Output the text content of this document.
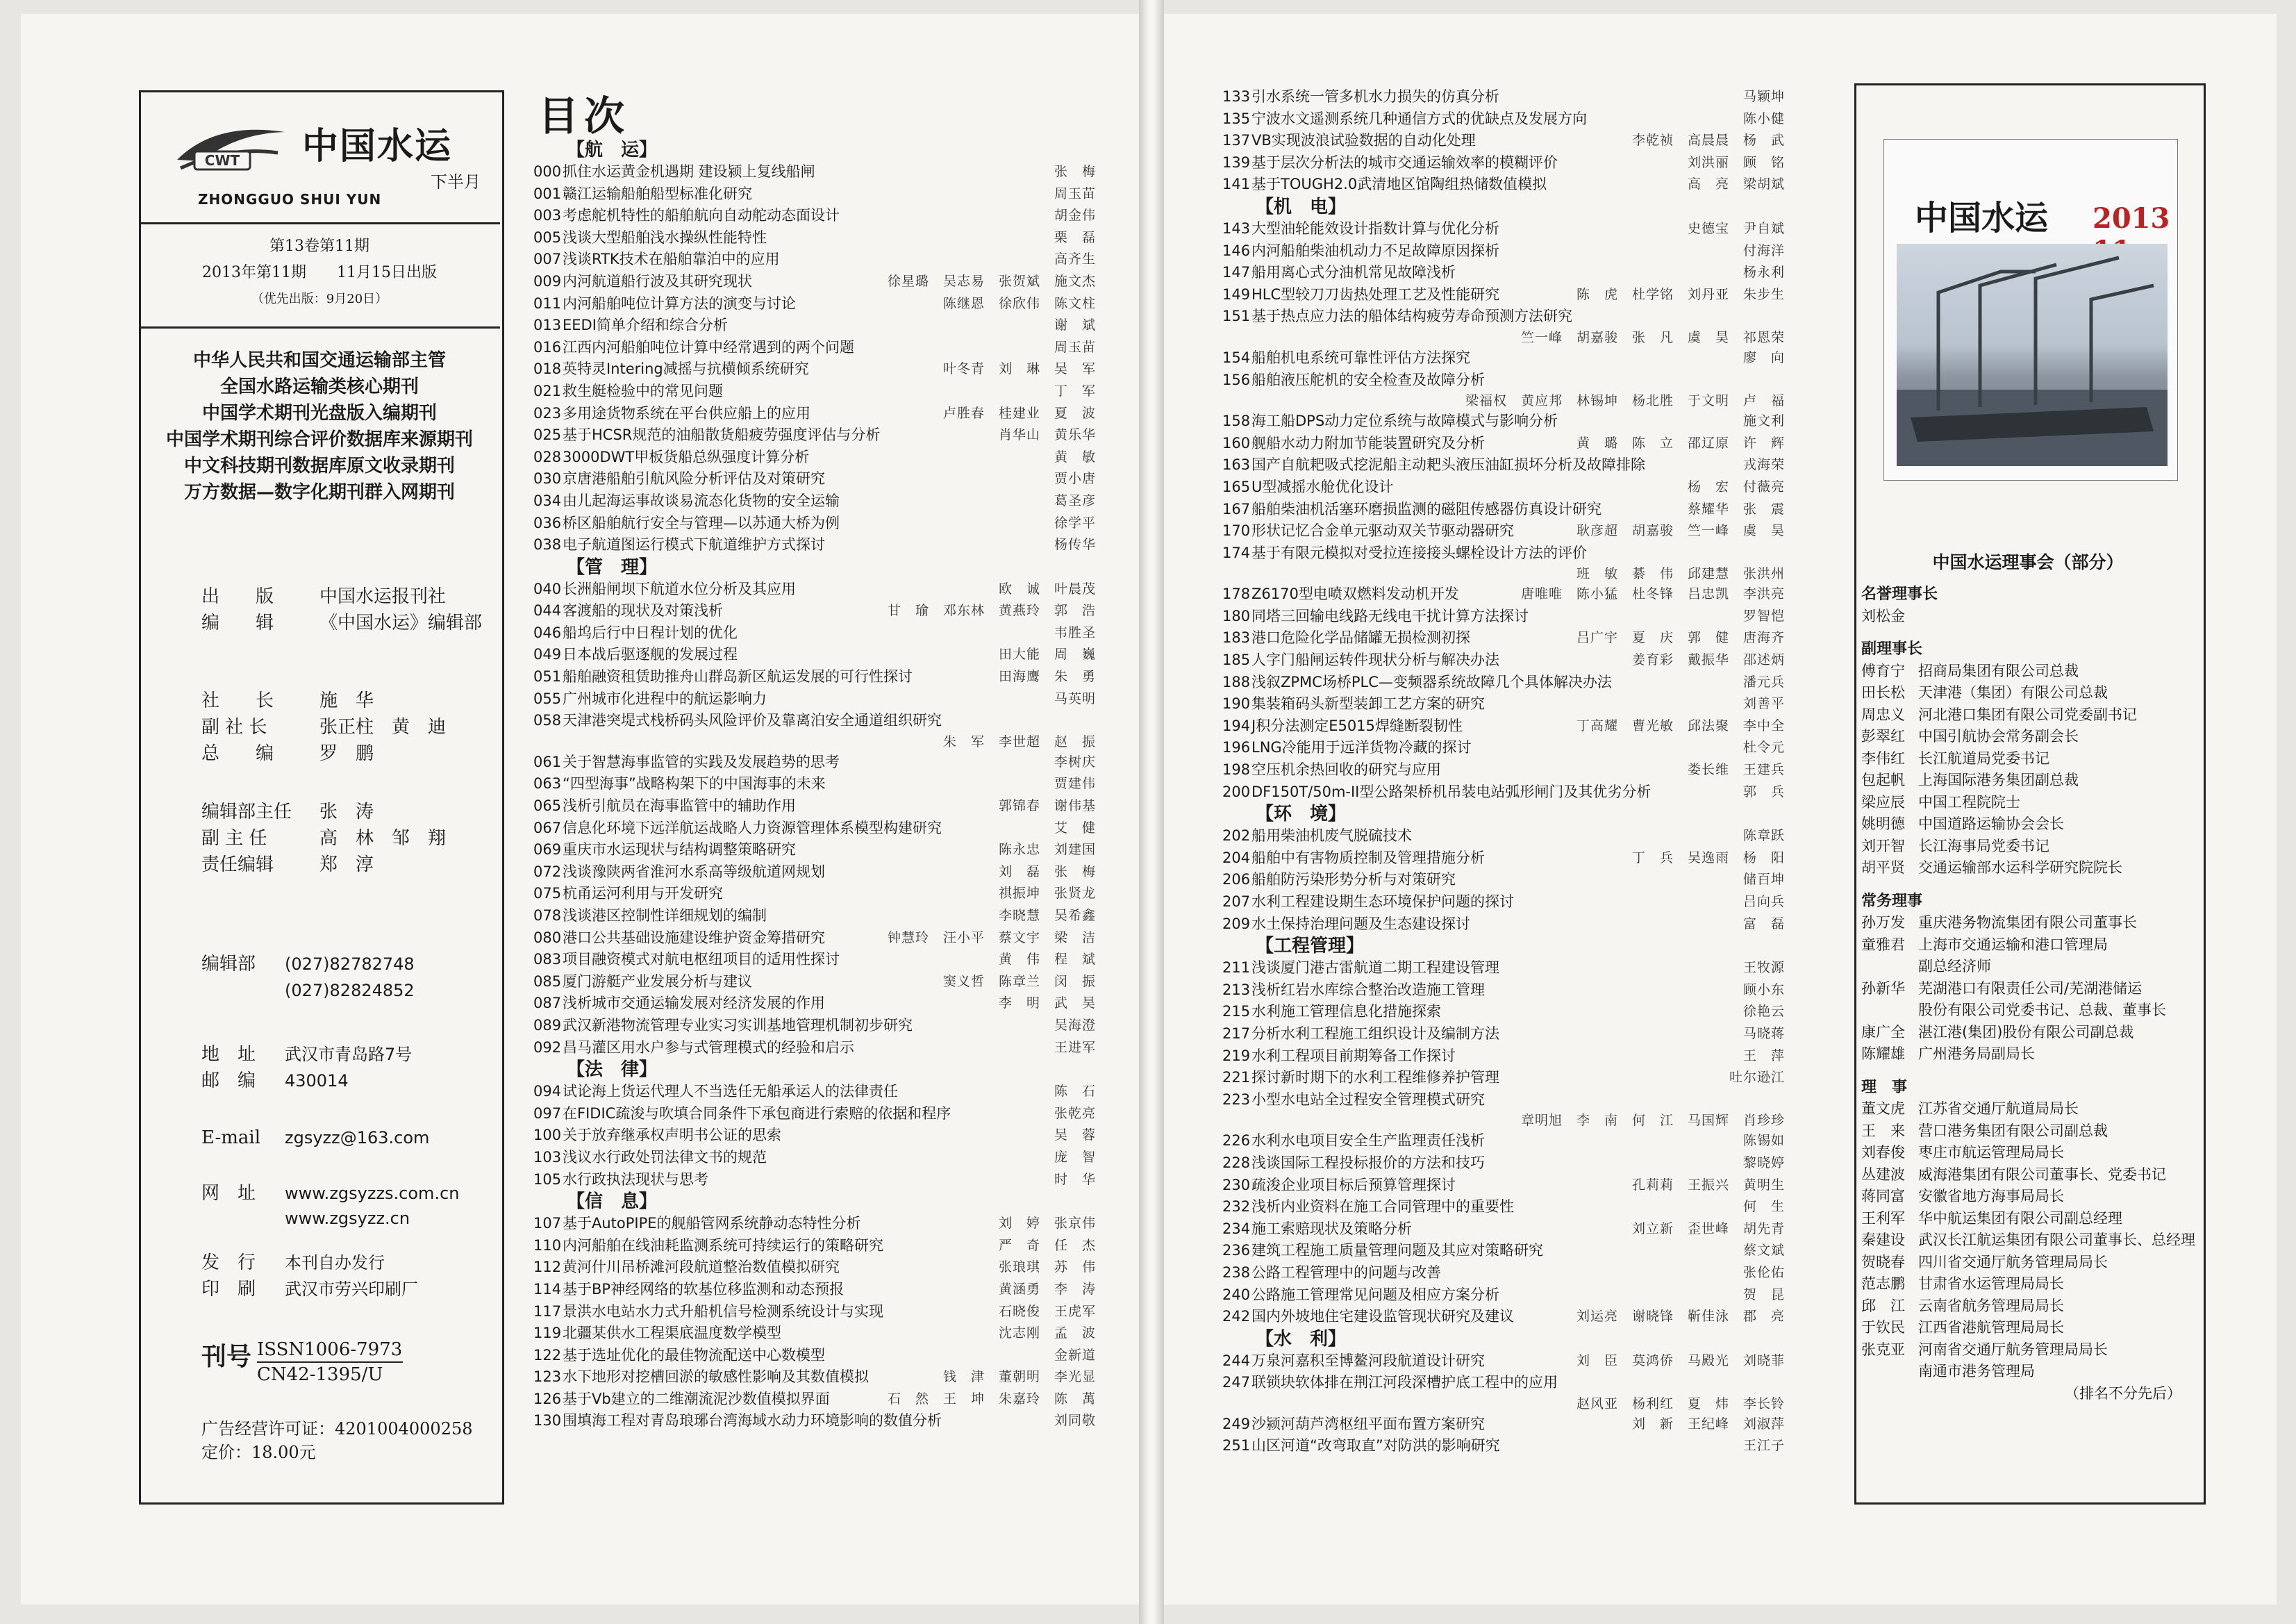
CWT 中国水运
下半月
ZHONGGUO SHUI YUN
第13卷第11期
2013年第11期　　11月15日出版
（优先出版：9月20日）
中华人民共和国交通运输部主管
全国水路运输类核心期刊
中国学术期刊光盘版入编期刊
中国学术期刊综合评价数据库来源期刊
中文科技期刊数据库原文收录期刊
万方数据—数字化期刊群入网期刊
出　　版	中国水运报刊社
编　　辑	《中国水运》编辑部
社　　长	施　华
副 社 长	张正柱　黄　迪
总　　编	罗　鹏
编辑部主任 张　涛
副 主 任	高　林　邹　翔
责任编辑	郑　淳
编辑部 (027)82782748
(027)82824852
地　址 武汉市青岛路7号
邮　编 430014
E-mail zgsyzz@163.com
网　址 www.zgsyzzs.com.cn
www.zgsyzz.cn
发　行 本刊自办发行
印　刷 武汉市劳兴印刷厂
刊号 ISSN1006-7973
CN42-1395/U
广告经营许可证：4201004000258
定价：18.00元
目次
【 航　运 】
000抓住水运黄金机遇期 建设颍上复线船闸	张　梅
001赣江运输船舶船型标准化研究	周玉苗
003考虑舵机特性的船舶航向自动舵动态面设计	胡金伟
005浅谈大型船舶浅水操纵性能特性	栗　磊
007浅谈RTK技术在船舶靠泊中的应用	高齐生
009内河航道船行波及其研究现状	徐星璐　吴志易　张贺斌　施文杰
011内河船舶吨位计算方法的演变与讨论	陈继恩　徐欣伟　陈文柱
013EEDI简单介绍和综合分析	谢　斌
016江西内河船舶吨位计算中经常遇到的两个问题	周玉苗
018英特灵Intering减摇与抗横倾系统研究	叶冬青　刘　琳　吴　军
021救生艇检验中的常见问题	丁　军
023多用途货物系统在平台供应船上的应用	卢胜春　桂建业　夏　波
025基于HCSR规范的油船散货船疲劳强度评估与分析	肖华山　黄乐华
0283000DWT甲板货船总纵强度计算分析	黄　敏
030京唐港船舶引航风险分析评估及对策研究	贾小唐
034由儿起海运事故谈易流态化货物的安全运输	葛圣彦
036桥区船舶航行安全与管理—以苏通大桥为例	徐学平
038电子航道图运行模式下航道维护方式探讨	杨传华
【 管　理 】
040长洲船闸坝下航道水位分析及其应用	欧　诚　叶晨茂
044客渡船的现状及对策浅析	甘　瑜　邓东林　黄燕玲　郭　浩
046船坞后行中日程计划的优化	韦胜圣
049日本战后驱逐舰的发展过程	田大能　周　巍
051船舶融资租赁助推舟山群岛新区航运发展的可行性探讨	田海鹰　朱　勇
055广州城市化进程中的航运影响力	马英明
058天津港突堤式栈桥码头风险评价及靠离泊安全通道组织研究
朱　军　李世超　赵　振
061关于智慧海事监管的实践及发展趋势的思考	李树庆
063“四型海事”战略构架下的中国海事的未来	贾建伟
065浅析引航员在海事监管中的辅助作用	郭锦春　谢伟基
067信息化环境下远洋航运战略人力资源管理体系模型构建研究	艾　健
069重庆市水运现状与结构调整策略研究	陈永忠　刘建国
072浅谈豫陕两省淮河水系高等级航道网规划	刘　磊　张　梅
075杭甬运河利用与开发研究	祺振坤　张贤龙
078浅谈港区控制性详细规划的编制	李晓慧　吴希鑫
080港口公共基础设施建设维护资金筹措研究	钟慧玲　汪小平　蔡文宇　梁　洁
083项目融资模式对航电枢纽项目的适用性探讨	黄　伟　程　斌
085厦门游艇产业发展分析与建议	窦义哲　陈章兰　闵　振
087浅析城市交通运输发展对经济发展的作用	李　明　武　昊
089武汉新港物流管理专业实习实训基地管理机制初步研究	吴海澄
092昌马灌区用水户参与式管理模式的经验和启示	王进军
【 法　律 】
094试论海上货运代理人不当选任无船承运人的法律责任	陈　石
097在FIDIC疏浚与吹填合同条件下承包商进行索赔的依据和程序	张乾亮
100关于放弃继承权声明书公证的思索	吴　蓉
103浅议水行政处罚法律文书的规范	庞　智
105水行政执法现状与思考	时　华
【 信　息 】
107基于AutoPIPE的舰船管网系统静动态特性分析	刘　婷　张京伟
110内河船舶在线油耗监测系统可持续运行的策略研究	严　奇　任　杰
112黄河什川吊桥滩河段航道整治数值模拟研究	张琅琪　苏　伟
114基于BP神经网络的软基位移监测和动态预报	黄涵勇　李　涛
117景洪水电站水力式升船机信号检测系统设计与实现	石晓俊　王虎军
119北疆某供水工程渠底温度数学模型	沈志刚　孟　波
122基于选址优化的最佳物流配送中心数模型	金新道
123水下地形对挖槽回淤的敏感性影响及其数值模拟	钱　津　董朝明　李光显
126基于Vb建立的二维潮流泥沙数值模拟界面	石　然　王　坤　朱嘉玲　陈　萬
130围填海工程对青岛琅琊台湾海域水动力环境影响的数值分析	刘同敬
133引水系统一管多机水力损失的仿真分析	马颖坤
135宁波水文遥测系统几种通信方式的优缺点及发展方向	陈小健
137VB实现波浪试验数据的自动化处理	李乾祯　高晨晨　杨　武
139基于层次分析法的城市交通运输效率的模糊评价	刘洪丽　顾　铭
141基于TOUGH2.0武清地区馆陶组热储数值模拟	高　亮　梁胡斌
【 机　电 】
143大型油轮能效设计指数计算与优化分析	史德宝　尹自斌
146内河船舶柴油机动力不足故障原因探析	付海洋
147船用离心式分油机常见故障浅析	杨永利
149HLC型较刀刀齿热处理工艺及性能研究	陈　虎　杜学铭　刘丹亚　朱步生
151基于热点应力法的船体结构疲劳寿命预测方法研究
竺一峰　胡嘉骏　张　凡　虞　昊　祁恩荣
154船舶机电系统可靠性评估方法探究	廖　向
156船舶液压舵机的安全检查及故障分析
梁福权　黄应邦　林锡坤　杨北胜　于文明　卢　福
158海工船DPS动力定位系统与故障模式与影响分析	施文利
160舰船水动力附加节能装置研究及分析	黄　璐　陈　立　邵辽原　许　辉
163国产自航耙吸式挖泥船主动耙头液压油缸损坏分析及故障排除	戎海荣
165U型减摇水舱优化设计	杨　宏　付薇亮
167船舶柴油机活塞环磨损监测的磁阻传感器仿真设计研究	蔡耀华　张　震
170形状记忆合金单元驱动双关节驱动器研究	耿彦超　胡嘉骏　竺一峰　虞　昊
174基于有限元模拟对受拉连接接头螺栓设计方法的评价
班　敏　綦　伟　邱建慧　张洪州
178Z6170型电喷双燃料发动机开发	唐唯唯　陈小猛　杜冬锋　吕忠凯　李洪亮
180同塔三回输电线路无线电干扰计算方法探讨	罗智恺
183港口危险化学品储罐无损检测初探	吕广宇　夏　庆　郭　健　唐海齐
185人字门船闸运转件现状分析与解决办法	姜育彩　戴振华　邵述炳
188浅叙ZPMC场桥PLC—变频器系统故障几个具体解决办法	潘元兵
190集装箱码头新型装卸工艺方案的研究	刘善平
194J积分法测定E5015焊缝断裂韧性	丁高耀　曹光敏　邱法聚　李中全
196LNG冷能用于远洋货物冷藏的探讨	杜令元
198空压机余热回收的研究与应用	娄长维　王建兵
200DF150T/50m-II型公路架桥机吊装电站弧形闸门及其优劣分析	郭　兵
【 环　境 】
202船用柴油机废气脱硫技术	陈章跃
204船舶中有害物质控制及管理措施分析	丁　兵　吴逸雨　杨　阳
206船舶防污染形势分析与对策研究	储百坤
207水利工程建设期生态环境保护问题的探讨	吕向兵
209水土保持治理问题及生态建设探讨	富　磊
【 工程管理 】
211浅谈厦门港古雷航道二期工程建设管理	王牧源
213浅析红岩水库综合整治改造施工管理	顾小东
215水利施工管理信息化措施探索	徐艳云
217分析水利工程施工组织设计及编制方法	马晓蒋
219水利工程项目前期筹备工作探讨	王　萍
221探讨新时期下的水利工程维修养护管理	吐尔逊江
223小型水电站全过程安全管理模式研究
章明旭　李　南　何　江　马国辉　肖珍珍
226水利水电项目安全生产监理责任浅析	陈锡如
228浅谈国际工程投标报价的方法和技巧	黎晓婷
230疏浚企业项目标后预算管理探讨	孔莉莉　王振兴　黄明生
232浅析内业资料在施工合同管理中的重要性	何　生
234施工索赔现状及策略分析	刘立新　歪世峰　胡先青
236建筑工程施工质量管理问题及其应对策略研究	蔡文斌
238公路工程管理中的问题与改善	张伦佑
240公路施工管理常见问题及相应方案分析	贺　昆
242国内外坡地住宅建设监管现状研究及建议	刘运亮　谢晓锋　靳佳泳　郡　亮
【 水　利 】
244万泉河嘉积至博鳌河段航道设计研究	刘　臣　莫鸿侨　马殿光　刘晓菲
247联锁块软体排在荆江河段深槽护底工程中的应用
赵风亚　杨利红　夏　炜　李长铃
249沙颍河葫芦湾枢纽平面布置方案研究	刘　新　王纪峰　刘淑萍
251山区河道“改弯取直”对防洪的影响研究	王江子
中国水运 2013
中国水运理事会（部分）
名誉理事长
刘松金
副理事长
傅育宁 招商局集团有限公司总裁
田长松 天津港（集团）有限公司总裁
周忠义 河北港口集团有限公司党委副书记
彭翠红 中国引航协会常务副会长
李伟红 长江航道局党委书记
包起帆 上海国际港务集团副总裁
梁应辰 中国工程院院士
姚明德 中国道路运输协会会长
刘开智 长江海事局党委书记
胡平贤 交通运输部水运科学研究院院长
常务理事
孙万发 重庆港务物流集团有限公司董事长
童雅君 上海市交通运输和港口管理局
副总经济师
孙新华 芜湖港口有限责任公司/芜湖港储运
股份有限公司党委书记、总裁、董事长
康广全 湛江港(集团)股份有限公司副总裁
陈耀雄 广州港务局副局长
理　事
董文虎 江苏省交通厅航道局局长
王　来 营口港务集团有限公司副总裁
刘春俊 枣庄市航运管理局局长
丛建波 威海港集团有限公司董事长、党委书记
蒋同富 安徽省地方海事局局长
王利军 华中航运集团有限公司副总经理
秦建设 武汉长江航运集团有限公司董事长、总经理
贺晓春 四川省交通厅航务管理局局长
范志鹏 甘肃省水运管理局局长
邱　江 云南省航务管理局局长
于钦民 江西省港航管理局局长
张克亚 河南省交通厅航务管理局局长
南通市港务管理局
（排名不分先后）
